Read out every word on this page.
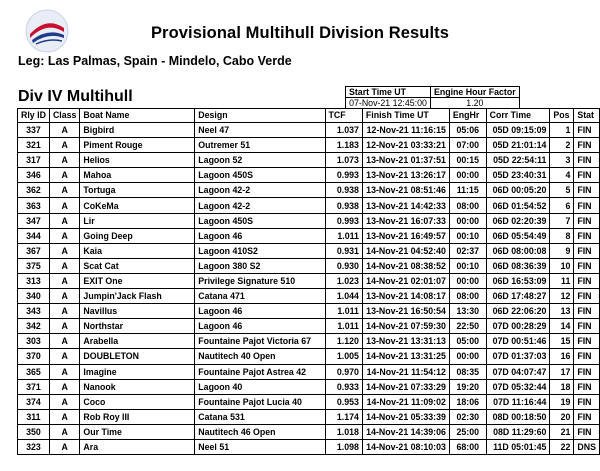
Provisional Multihull Division Results
Leg: Las Palmas, Spain - Mindelo, Cabo Verde
Div IV Multihull	Start Time UT	Engine Hour Factor
07-Nov-21 12:45:00	1.20
Rly ID	Class	Boat Name	Design	TCF	Finish Time UT	EngHr	Corr Time	Pos	Stat
337	A	Bigbird	Neel 47	1.037	12-Nov-21 11:16:15	05:06	05D 09:15:09	1	FIN
321	A	Piment Rouge	Outremer 51	1.183	12-Nov-21 03:33:21	07:00	05D 21:01:14	2	FIN
317	A	Helios	Lagoon 52	1.073	13-Nov-21 01:37:51	00:15	05D 22:54:11	3	FIN
346	A	Mahoa	Lagoon 450S	0.993	13-Nov-21 13:26:17	00:00	05D 23:40:31	4	FIN
362	A	Tortuga	Lagoon 42-2	0.938	13-Nov-21 08:51:46	11:15	06D 00:05:20	5	FIN
363	A	CoKeMa	Lagoon 42-2	0.938	13-Nov-21 14:42:33	08:00	06D 01:54:52	6	FIN
347	A	Lir	Lagoon 450S	0.993	13-Nov-21 16:07:33	00:00	06D 02:20:39	7	FIN
344	A	Going Deep	Lagoon 46	1.011	13-Nov-21 16:49:57	00:10	06D 05:54:49	8	FIN
367	A	Kaia	Lagoon 410S2	0.931	14-Nov-21 04:52:40	02:37	06D 08:00:08	9	FIN
375	A	Scat Cat	Lagoon 380 S2	0.930	14-Nov-21 08:38:52	00:10	06D 08:36:39	10	FIN
313	A	EXIT One	Privilege Signature 510	1.023	14-Nov-21 02:01:07	00:00	06D 16:53:09	11	FIN
340	A	Jumpin'Jack Flash	Catana 471	1.044	13-Nov-21 14:08:17	08:00	06D 17:48:27	12	FIN
343	A	Navillus	Lagoon 46	1.011	13-Nov-21 16:50:54	13:30	06D 22:06:20	13	FIN
342	A	Northstar	Lagoon 46	1.011	14-Nov-21 07:59:30	22:50	07D 00:28:29	14	FIN
303	A	Arabella	Fountaine Pajot Victoria 67	1.120	13-Nov-21 13:31:13	05:00	07D 00:51:46	15	FIN
370	A	DOUBLETON	Nautitech 40 Open	1.005	14-Nov-21 13:31:25	00:00	07D 01:37:03	16	FIN
365	A	Imagine	Fountaine Pajot Astrea 42	0.970	14-Nov-21 11:54:12	08:35	07D 04:07:47	17	FIN
371	A	Nanook	Lagoon 40	0.933	14-Nov-21 07:33:29	19:20	07D 05:32:44	18	FIN
374	A	Coco	Fountaine Pajot Lucia 40	0.953	14-Nov-21 11:09:02	18:06	07D 11:16:44	19	FIN
311	A	Rob Roy III	Catana 531	1.174	14-Nov-21 05:33:39	02:30	08D 00:18:50	20	FIN
350	A	Our Time	Nautitech 46 Open	1.018	14-Nov-21 14:39:06	25:00	08D 11:29:60	21	FIN
323	A	Ara	Neel 51	1.098	14-Nov-21 08:10:03	68:00	11D 05:01:45	22	DNS
